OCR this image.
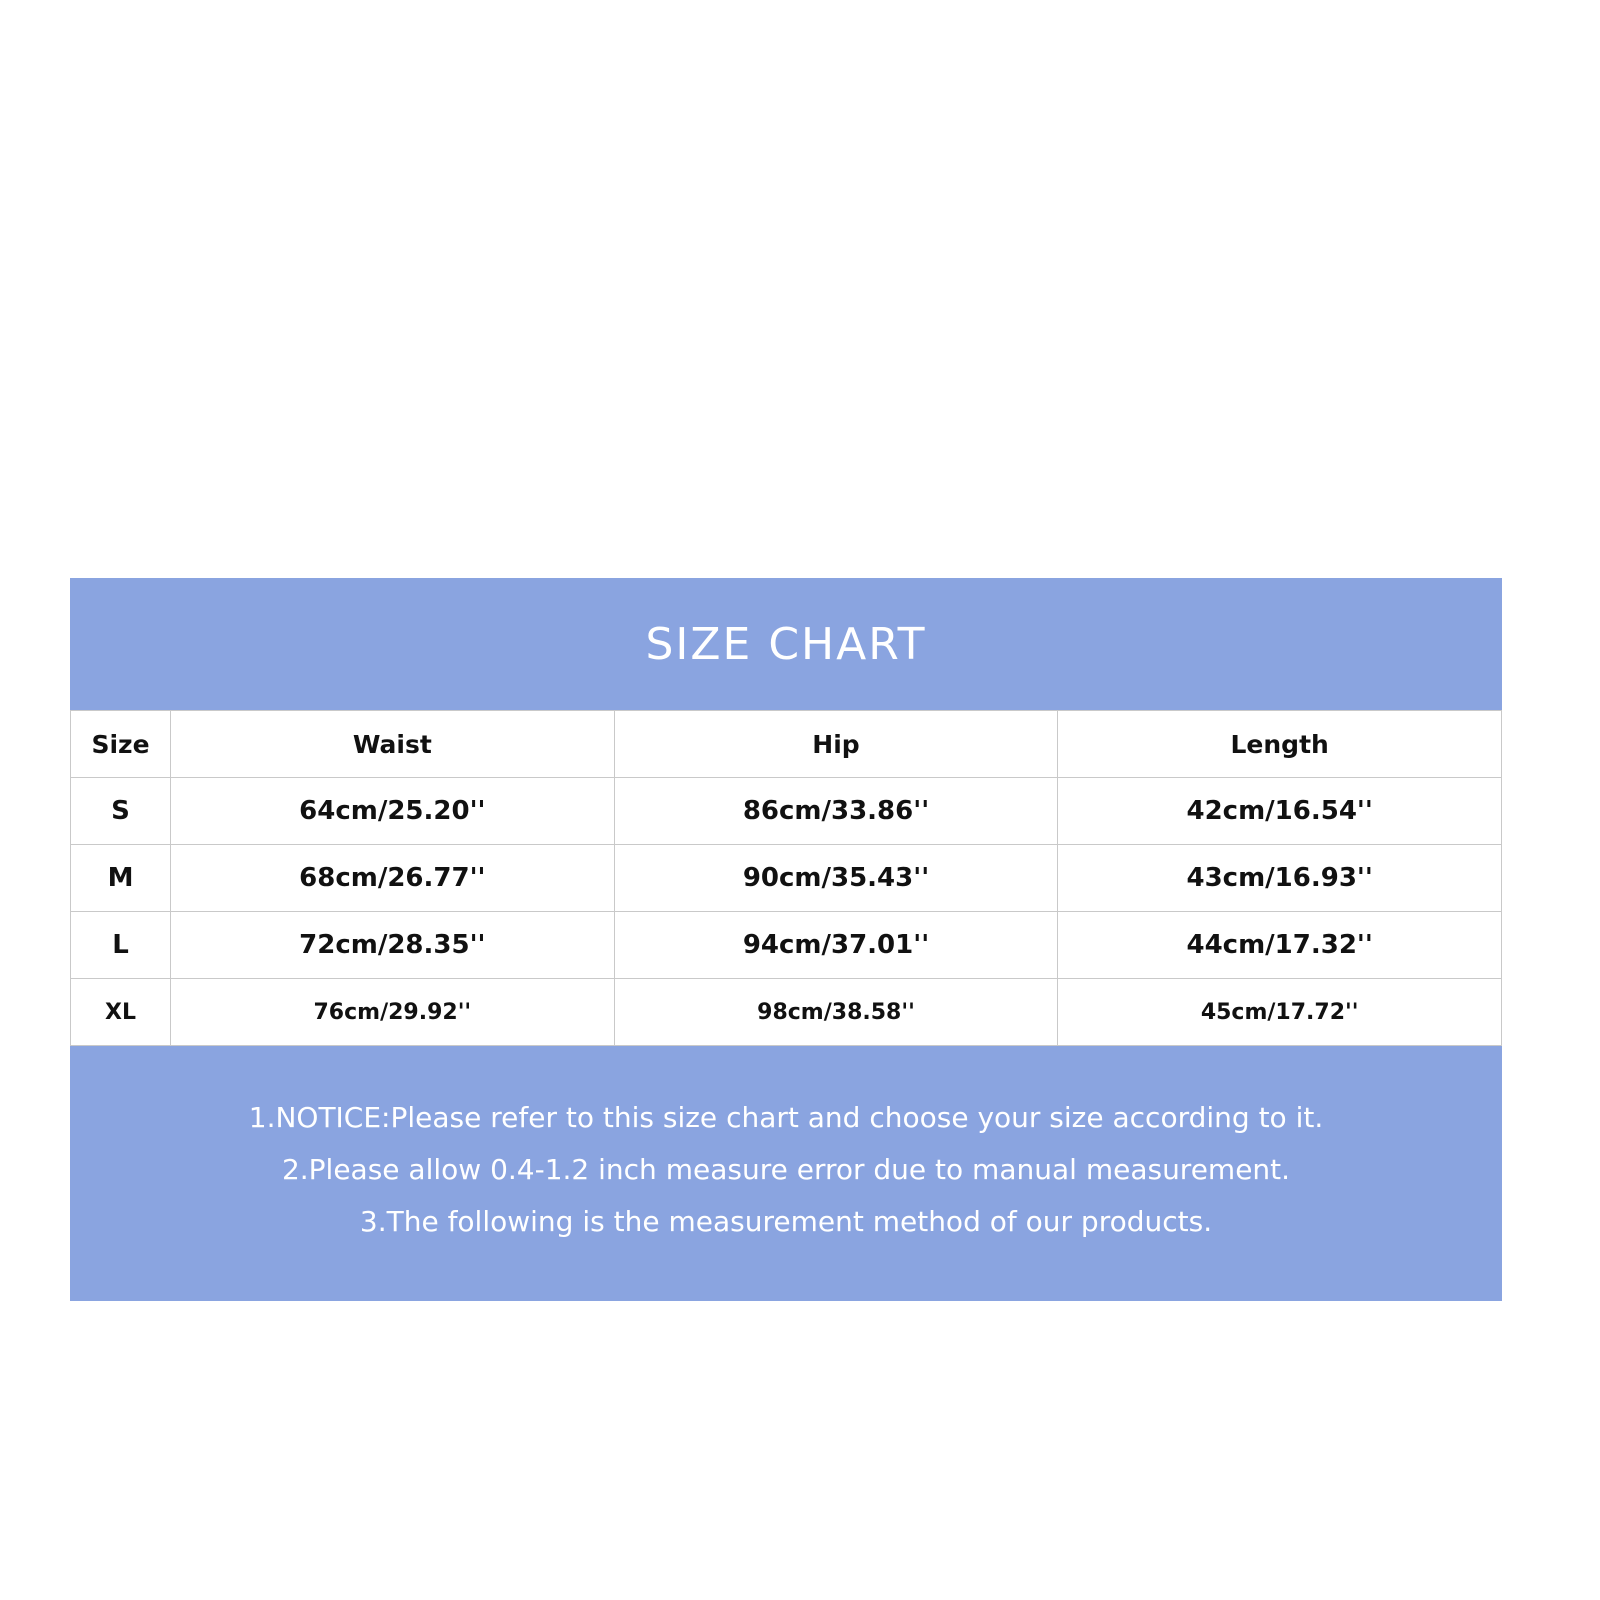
SIZE CHART
Size	Waist	Hip	Length
S	64cm/25.20''	86cm/33.86''	42cm/16.54''
M	68cm/26.77''	90cm/35.43''	43cm/16.93''
L	72cm/28.35''	94cm/37.01''	44cm/17.32''
XL	76cm/29.92''	98cm/38.58''	45cm/17.72''
1.NOTICE:Please refer to this size chart and choose your size according to it.
2.Please allow 0.4-1.2 inch measure error due to manual measurement.
3.The following is the measurement method of our products.
